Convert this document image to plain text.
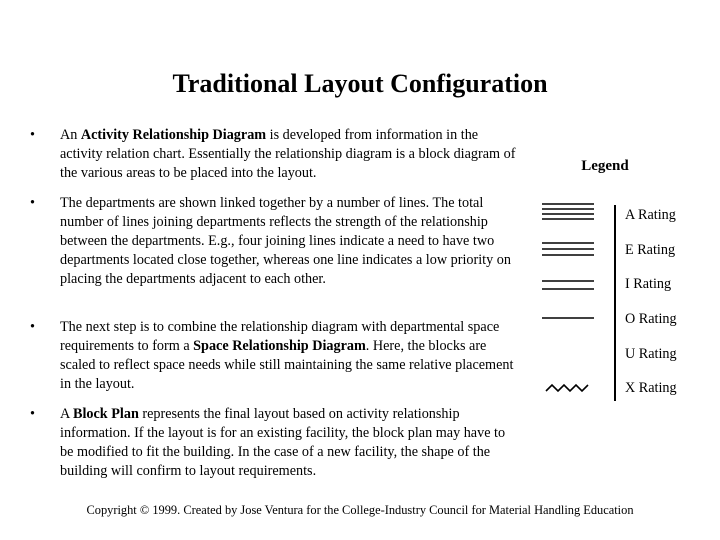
Traditional Layout Configuration
•	An Activity Relationship Diagram is developed from information in the activity relation chart. Essentially the relationship diagram is a block diagram of the various areas to be placed into the layout.
•	The departments are shown linked together by a number of lines. The total number of lines joining departments reflects the strength of the relationship between the departments. E.g., four joining lines indicate a need to have two departments located close together, whereas one line indicates a low priority on placing the departments adjacent to each other.
•	The next step is to combine the relationship diagram with departmental space requirements to form a Space Relationship Diagram. Here, the blocks are scaled to reflect space needs while still maintaining the same relative placement in the layout.
•	A Block Plan represents the final layout based on activity relationship information. If the layout is for an existing facility, the block plan may have to be modified to fit the building. In the case of a new facility, the shape of the building will confirm to layout requirements.
Legend
A Rating
E Rating
I Rating
O Rating
U Rating
X Rating
Copyright © 1999. Created by Jose Ventura for the College-Industry Council for Material Handling Education
